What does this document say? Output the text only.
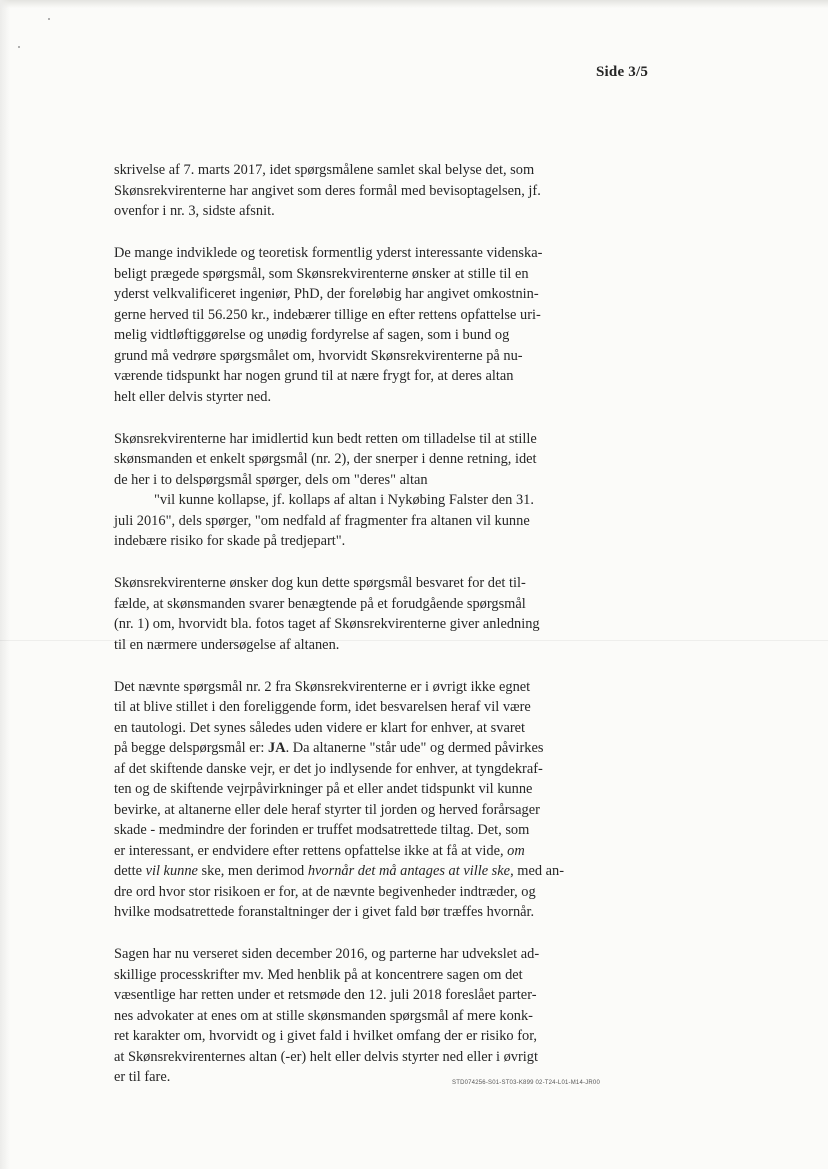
Side 3/5

skrivelse af 7. marts 2017, idet spørgsmålene samlet skal belyse det, som
Skønsrekvirenterne har angivet som deres formål med bevisoptagelsen, jf.
ovenfor i nr. 3, sidste afsnit.

De mange indviklede og teoretisk formentlig yderst interessante videnska-
beligt prægede spørgsmål, som Skønsrekvirenterne ønsker at stille til en
yderst velkvalificeret ingeniør, PhD, der foreløbig har angivet omkostnin-
gerne herved til 56.250 kr., indebærer tillige en efter rettens opfattelse uri-
melig vidtløftiggørelse og unødig fordyrelse af sagen, som i bund og
grund må vedrøre spørgsmålet om, hvorvidt Skønsrekvirenterne på nu-
værende tidspunkt har nogen grund til at nære frygt for, at deres altan
helt eller delvis styrter ned.

Skønsrekvirenterne har imidlertid kun bedt retten om tilladelse til at stille
skønsmanden et enkelt spørgsmål (nr. 2), der snerper i denne retning, idet
de her i to delspørgsmål spørger, dels om "deres" altan
"vil kunne kollapse, jf. kollaps af altan i Nykøbing Falster den 31.
juli 2016", dels spørger, "om nedfald af fragmenter fra altanen vil kunne
indebære risiko for skade på tredjepart".

Skønsrekvirenterne ønsker dog kun dette spørgsmål besvaret for det til-
fælde, at skønsmanden svarer benægtende på et forudgående spørgsmål
(nr. 1) om, hvorvidt bla. fotos taget af Skønsrekvirenterne giver anledning
til en nærmere undersøgelse af altanen.

Det nævnte spørgsmål nr. 2 fra Skønsrekvirenterne er i øvrigt ikke egnet
til at blive stillet i den foreliggende form, idet besvarelsen heraf vil være
en tautologi. Det synes således uden videre er klart for enhver, at svaret
på begge delspørgsmål er: JA. Da altanerne "står ude" og dermed påvirkes
af det skiftende danske vejr, er det jo indlysende for enhver, at tyngdekraf-
ten og de skiftende vejrpåvirkninger på et eller andet tidspunkt vil kunne
bevirke, at altanerne eller dele heraf styrter til jorden og herved forårsager
skade - medmindre der forinden er truffet modsatrettede tiltag. Det, som
er interessant, er endvidere efter rettens opfattelse ikke at få at vide, om
dette vil kunne ske, men derimod hvornår det må antages at ville ske, med an-
dre ord hvor stor risikoen er for, at de nævnte begivenheder indtræder, og
hvilke modsatrettede foranstaltninger der i givet fald bør træffes hvornår.

Sagen har nu verseret siden december 2016, og parterne har udvekslet ad-
skillige processkrifter mv. Med henblik på at koncentrere sagen om det
væsentlige har retten under et retsmøde den 12. juli 2018 foreslået parter-
nes advokater at enes om at stille skønsmanden spørgsmål af mere konk-
ret karakter om, hvorvidt og i givet fald i hvilket omfang der er risiko for,
at Skønsrekvirenternes altan (-er) helt eller delvis styrter ned eller i øvrigt
er til fare.	STD074256-S01-ST03-K899 02-T24-L01-M14-JR00
